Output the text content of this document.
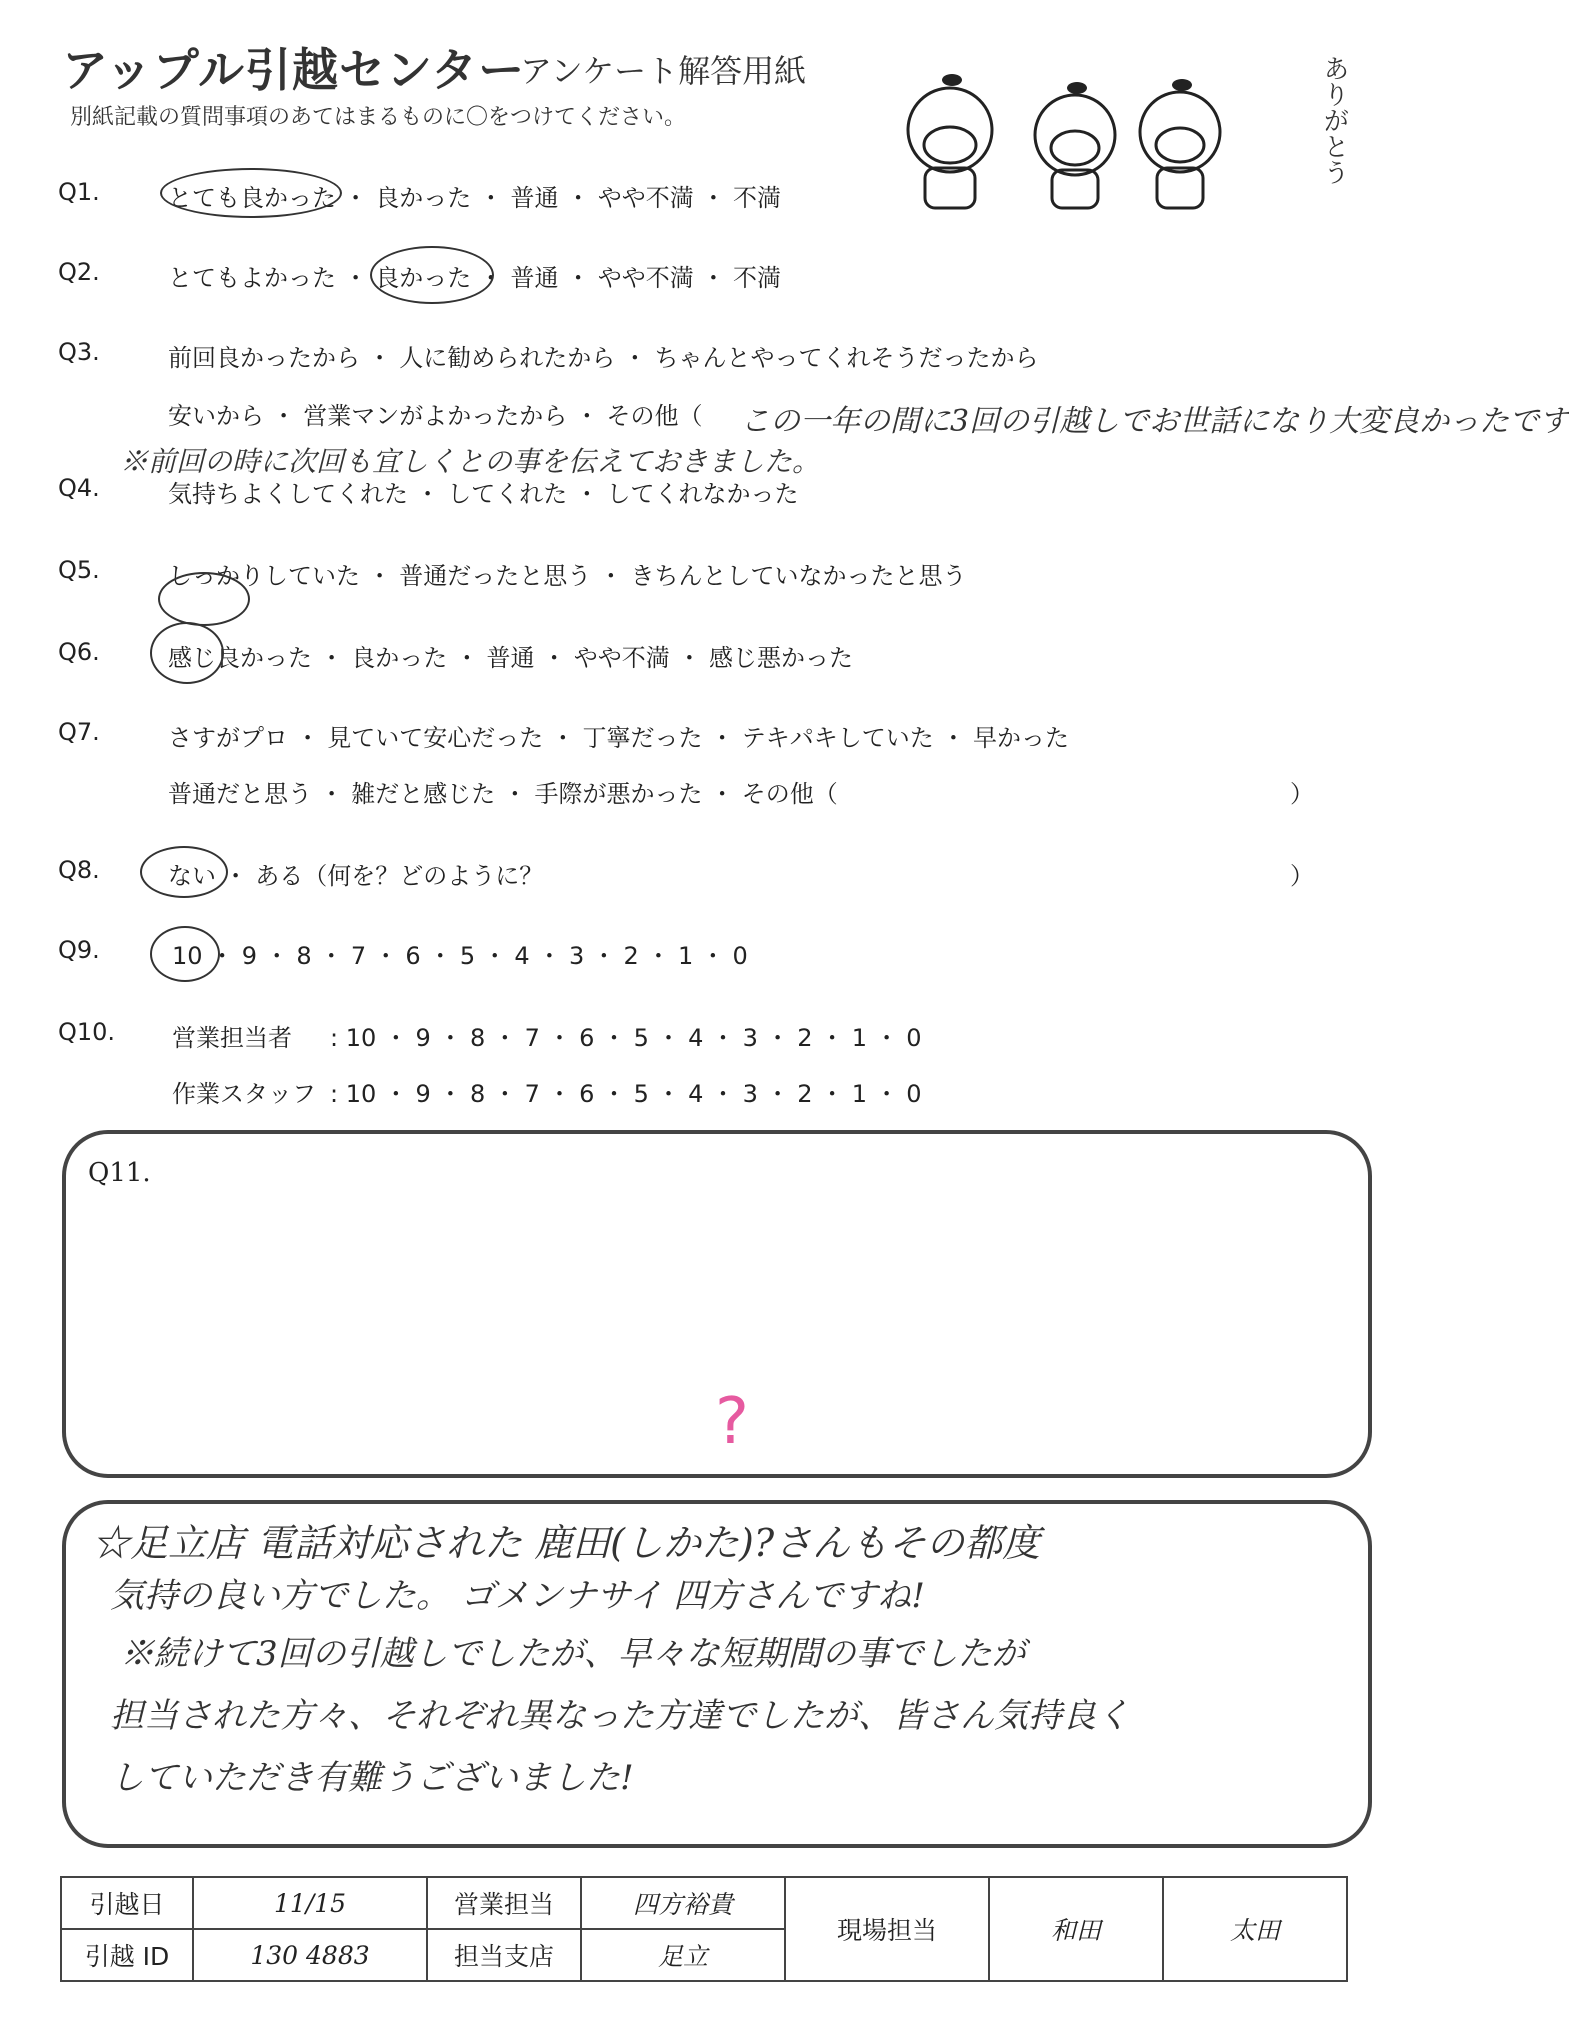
アップル引越センター
アンケート解答用紙
別紙記載の質問事項のあてはまるものに〇をつけてください。	ありがとう
Q1.	とても良かった ・ 良かった ・ 普通 ・ やや不満 ・ 不満
Q2.	とてもよかった ・ 良かった ・ 普通 ・ やや不満 ・ 不満
Q3.	前回良かったから ・ 人に勧められたから ・ ちゃんとやってくれそうだったから
安いから ・ 営業マンがよかったから ・ その他（
Q4.	気持ちよくしてくれた ・ してくれた ・ してくれなかった
Q5.	しっかりしていた ・ 普通だったと思う ・ きちんとしていなかったと思う
Q6.	感じ良かった ・ 良かった ・ 普通 ・ やや不満 ・ 感じ悪かった
Q7.	さすがプロ ・ 見ていて安心だった ・ 丁寧だった ・ テキパキしていた ・ 早かった
普通だと思う ・ 雑だと感じた ・ 手際が悪かった ・ その他（	）
Q8.	ない ・ ある（何を？どのように？	）
Q9.	10 ・ 9 ・ 8 ・ 7 ・ 6 ・ 5 ・ 4 ・ 3 ・ 2 ・ 1 ・ 0
Q10. 営業担当者 : 10 ・ 9 ・ 8 ・ 7 ・ 6 ・ 5 ・ 4 ・ 3 ・ 2 ・ 1 ・ 0
作業スタッフ : 10 ・ 9 ・ 8 ・ 7 ・ 6 ・ 5 ・ 4 ・ 3 ・ 2 ・ 1 ・ 0
この一年の間に3回の引越しでお世話になり大変良かったです
※前回の時に次回も宜しくとの事を伝えておきました。
Q11.
?
☆足立店 電話対応された 鹿田(しかた)?さんもその都度
気持の良い方でした。 ゴメンナサイ 四方さんですね!
※続けて3回の引越しでしたが、早々な短期間の事でしたが
担当された方々、それぞれ異なった方達でしたが、皆さん気持良く
していただき有難うございました!
引越日	11/15	営業担当	四方裕貴	現場担当	和田	太田
引越 ID	130 4883	担当支店	足立			
